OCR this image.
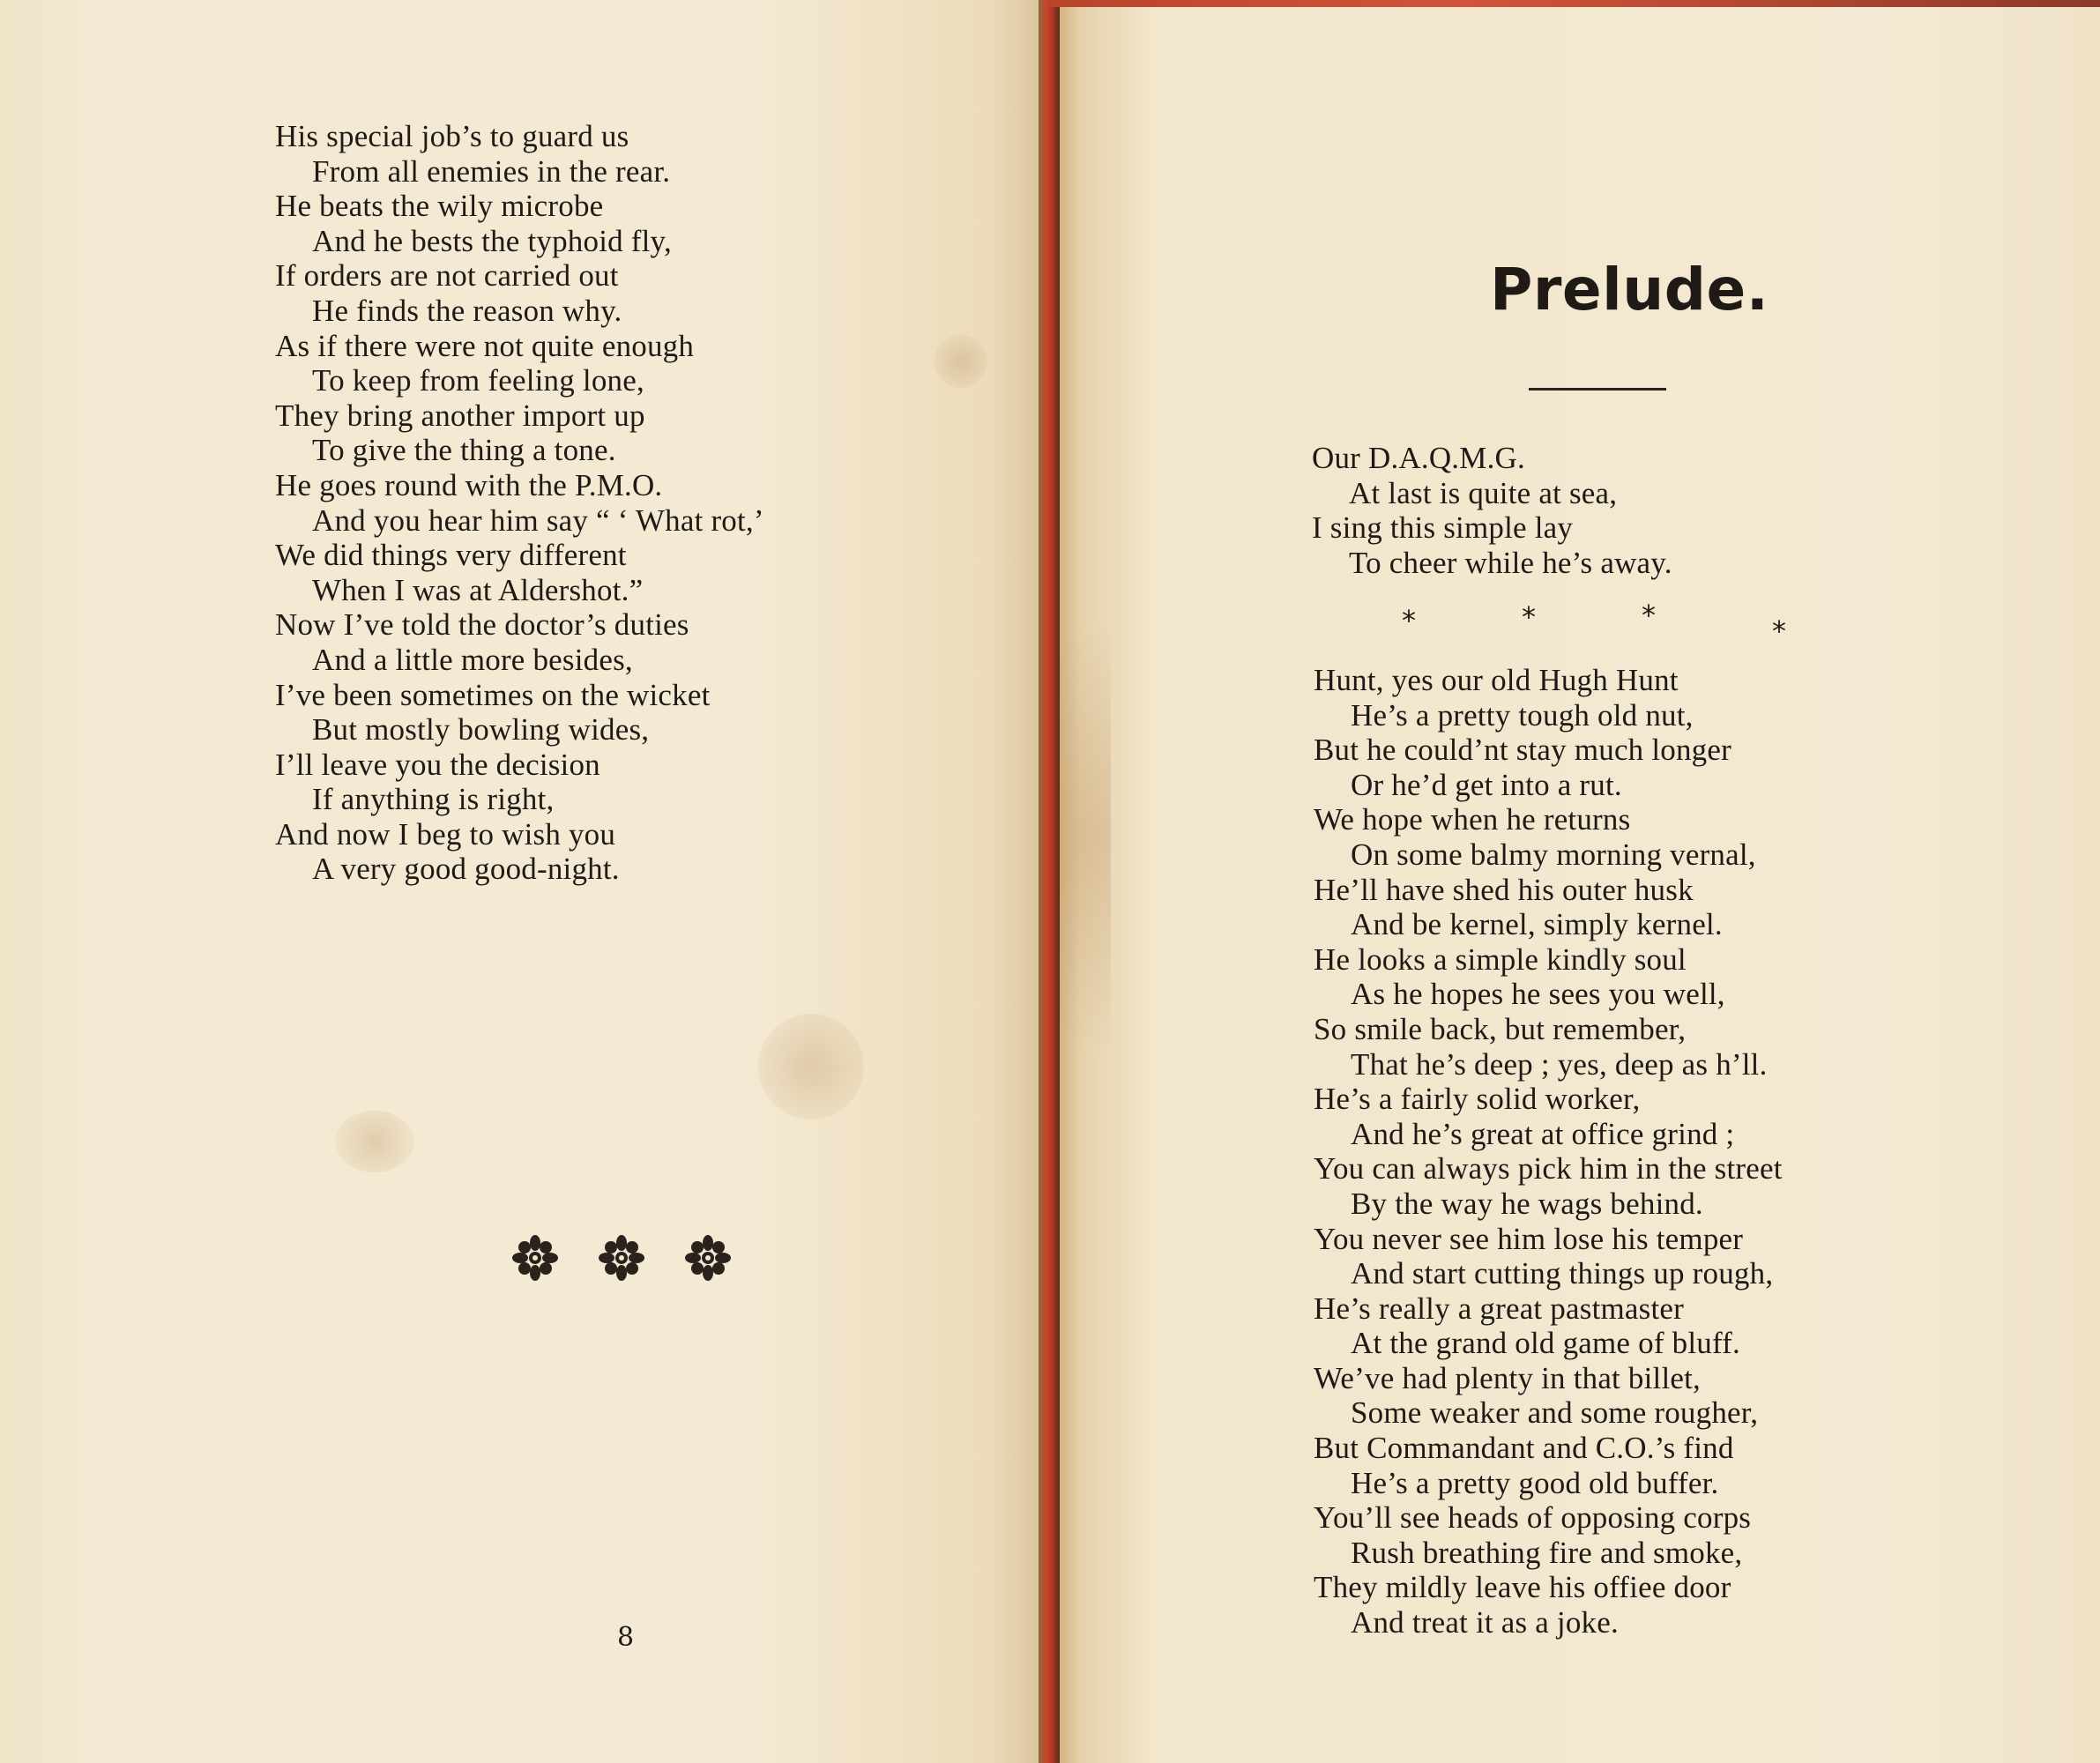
His special job’s to guard us
From all enemies in the rear.
He beats the wily microbe
And he bests the typhoid fly,
If orders are not carried out
He finds the reason why.
As if there were not quite enough
To keep from feeling lone,
They bring another import up
To give the thing a tone.
He goes round with the P.M.O.
And you hear him say “ ‘ What rot,’
We did things very different
When I was at Aldershot.”
Now I’ve told the doctor’s duties
And a little more besides,
I’ve been sometimes on the wicket
But mostly bowling wides,
I’ll leave you the decision
If anything is right,
And now I beg to wish you
A very good good-night.
8
Prelude.
Our D.A.Q.M.G.
At last is quite at sea,
I sing this simple lay
To cheer while he’s away.
*	*	*	*
Hunt, yes our old Hugh Hunt
He’s a pretty tough old nut,
But he could’nt stay much longer
Or he’d get into a rut.
We hope when he returns
On some balmy morning vernal,
He’ll have shed his outer husk
And be kernel, simply kernel.
He looks a simple kindly soul
As he hopes he sees you well,
So smile back, but remember,
That he’s deep ; yes, deep as h’ll.
He’s a fairly solid worker,
And he’s great at office grind ;
You can always pick him in the street
By the way he wags behind.
You never see him lose his temper
And start cutting things up rough,
He’s really a great pastmaster
At the grand old game of bluff.
We’ve had plenty in that billet,
Some weaker and some rougher,
But Commandant and C.O.’s find
He’s a pretty good old buffer.
You’ll see heads of opposing corps
Rush breathing fire and smoke,
They mildly leave his offiee door
And treat it as a joke.
